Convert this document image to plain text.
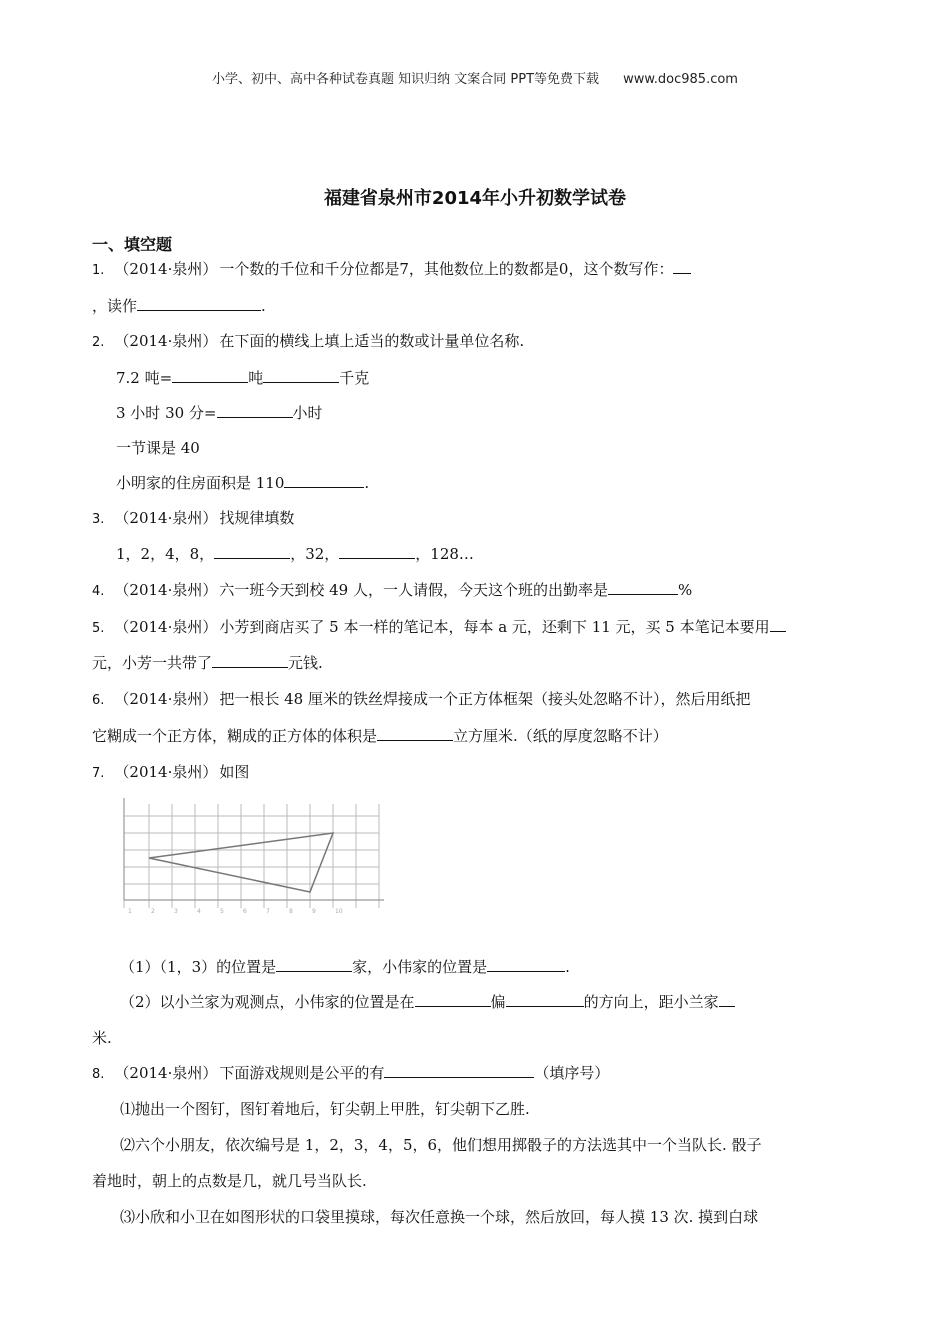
小学、初中、高中各种试卷真题 知识归纳 文案合同 PPT等免费下载 www.doc985.com
福建省泉州市2014年小升初数学试卷
一、填空题
1. （2014·泉州） 一个数的千位和千分位都是7，其他数位上的数都是0，这个数写作：
，读作	.
2. （2014·泉州） 在下面的横线上填上适当的数或计量单位名称.
7.2 吨=	吨	千克
3 小时 30 分=	小时
一节课是 40
小明家的住房面积是 110	.
3. （2014·泉州） 找规律填数
1，2，4，8，	，32，	，128…
4. （2014·泉州） 六一班今天到校 49 人，一人请假，今天这个班的出勤率是	%
5. （2014·泉州） 小芳到商店买了 5 本一样的笔记本，每本 a 元，还剩下 11 元，买 5 本笔记本要用
元，小芳一共带了	元钱.
6. （2014·泉州） 把一根长 48 厘米的铁丝焊接成一个正方体框架（接头处忽略不计），然后用纸把
它糊成一个正方体，糊成的正方体的体积是	立方厘米.（纸的厚度忽略不计）
7. （2014·泉州） 如图
1	2	3	4	5	6	7	8	9	10
（1）（1，3）的位置是	家，小伟家的位置是	.
（2）以小兰家为观测点，小伟家的位置是在	偏	的方向上，距小兰家
米.
8. （2014·泉州） 下面游戏规则是公平的有	（填序号）
⑴抛出一个图钉，图钉着地后，钉尖朝上甲胜，钉尖朝下乙胜.
⑵六个小朋友，依次编号是 1，2，3，4，5，6，他们想用掷骰子的方法选其中一个当队长. 骰子
着地时，朝上的点数是几，就几号当队长.
⑶小欣和小卫在如图形状的口袋里摸球，每次任意换一个球，然后放回，每人摸 13 次. 摸到白球
